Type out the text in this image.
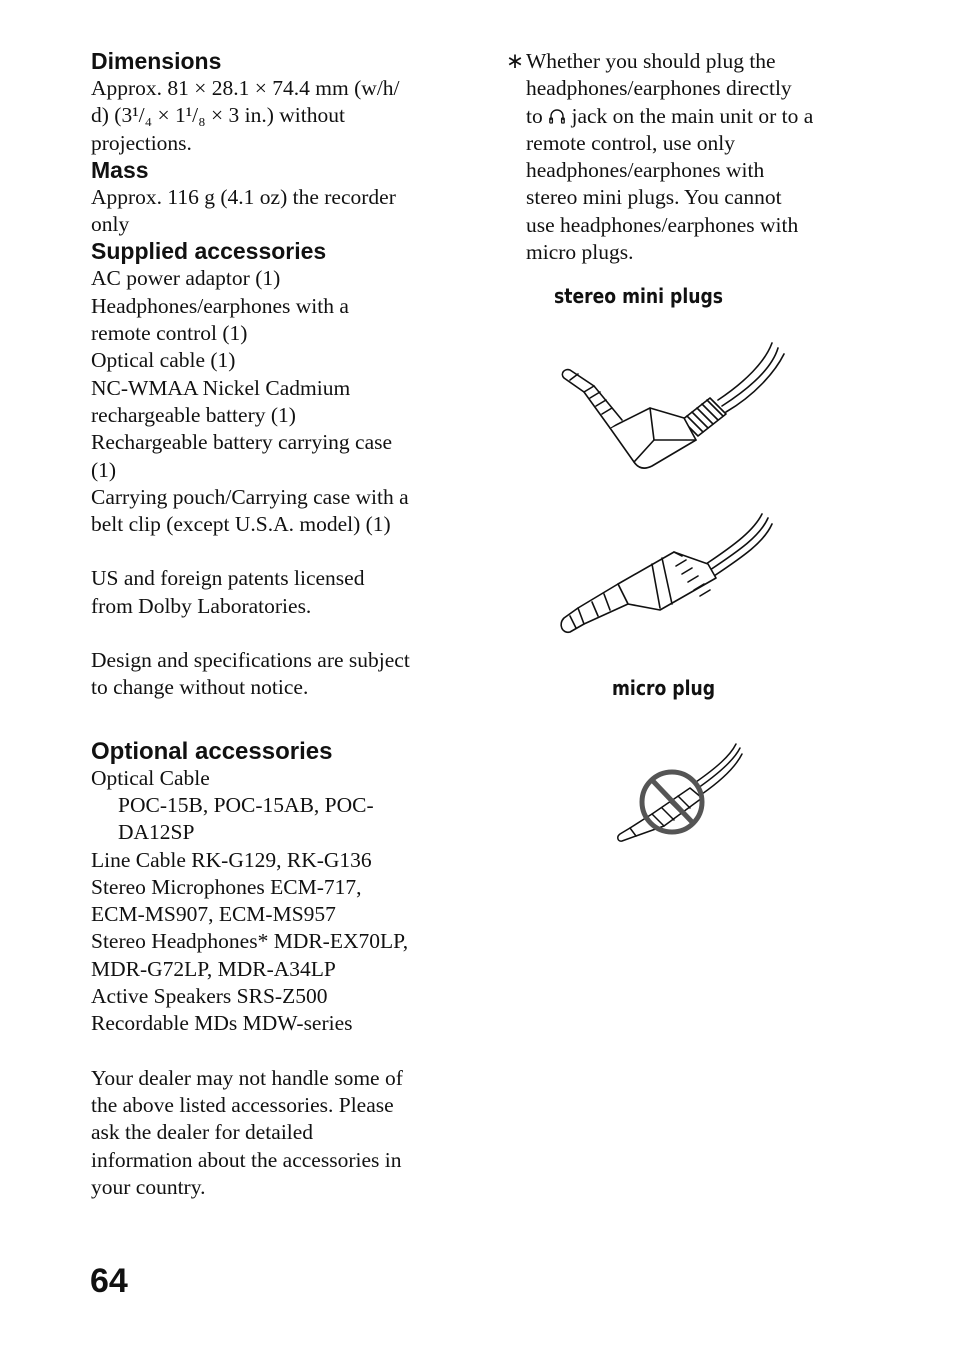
Dimensions

Approx. 81 × 28.1 × 74.4 mm (w/h/

d) (3¹/₄ × 1¹/₈ × 3 in.) without

projections.

Mass

Approx. 116 g (4.1 oz) the recorder

only

Supplied accessories

AC power adaptor (1)

Headphones/earphones with a

remote control (1)

Optical cable (1)

NC-WMAA Nickel Cadmium

rechargeable battery (1)

Rechargeable battery carrying case

(1)

Carrying pouch/Carrying case with a

belt clip (except U.S.A. model) (1)

US and foreign patents licensed

from Dolby Laboratories.

Design and specifications are subject

to change without notice.

Optional accessories

Optical Cable

POC-15B, POC-15AB, POC-

DA12SP

Line Cable RK-G129, RK-G136

Stereo Microphones ECM-717,

ECM-MS907, ECM-MS957

Stereo Headphones* MDR-EX70LP,

MDR-G72LP, MDR-A34LP

Active Speakers SRS-Z500

Recordable MDs MDW-series

Your dealer may not handle some of

the above listed accessories. Please

ask the dealer for detailed

information about the accessories in

your country.

∗ Whether you should plug the

headphones/earphones directly

to jack on the main unit or to a

remote control, use only

headphones/earphones with

stereo mini plugs. You cannot

use headphones/earphones with

micro plugs.

stereo mini plugs
micro plug
64
